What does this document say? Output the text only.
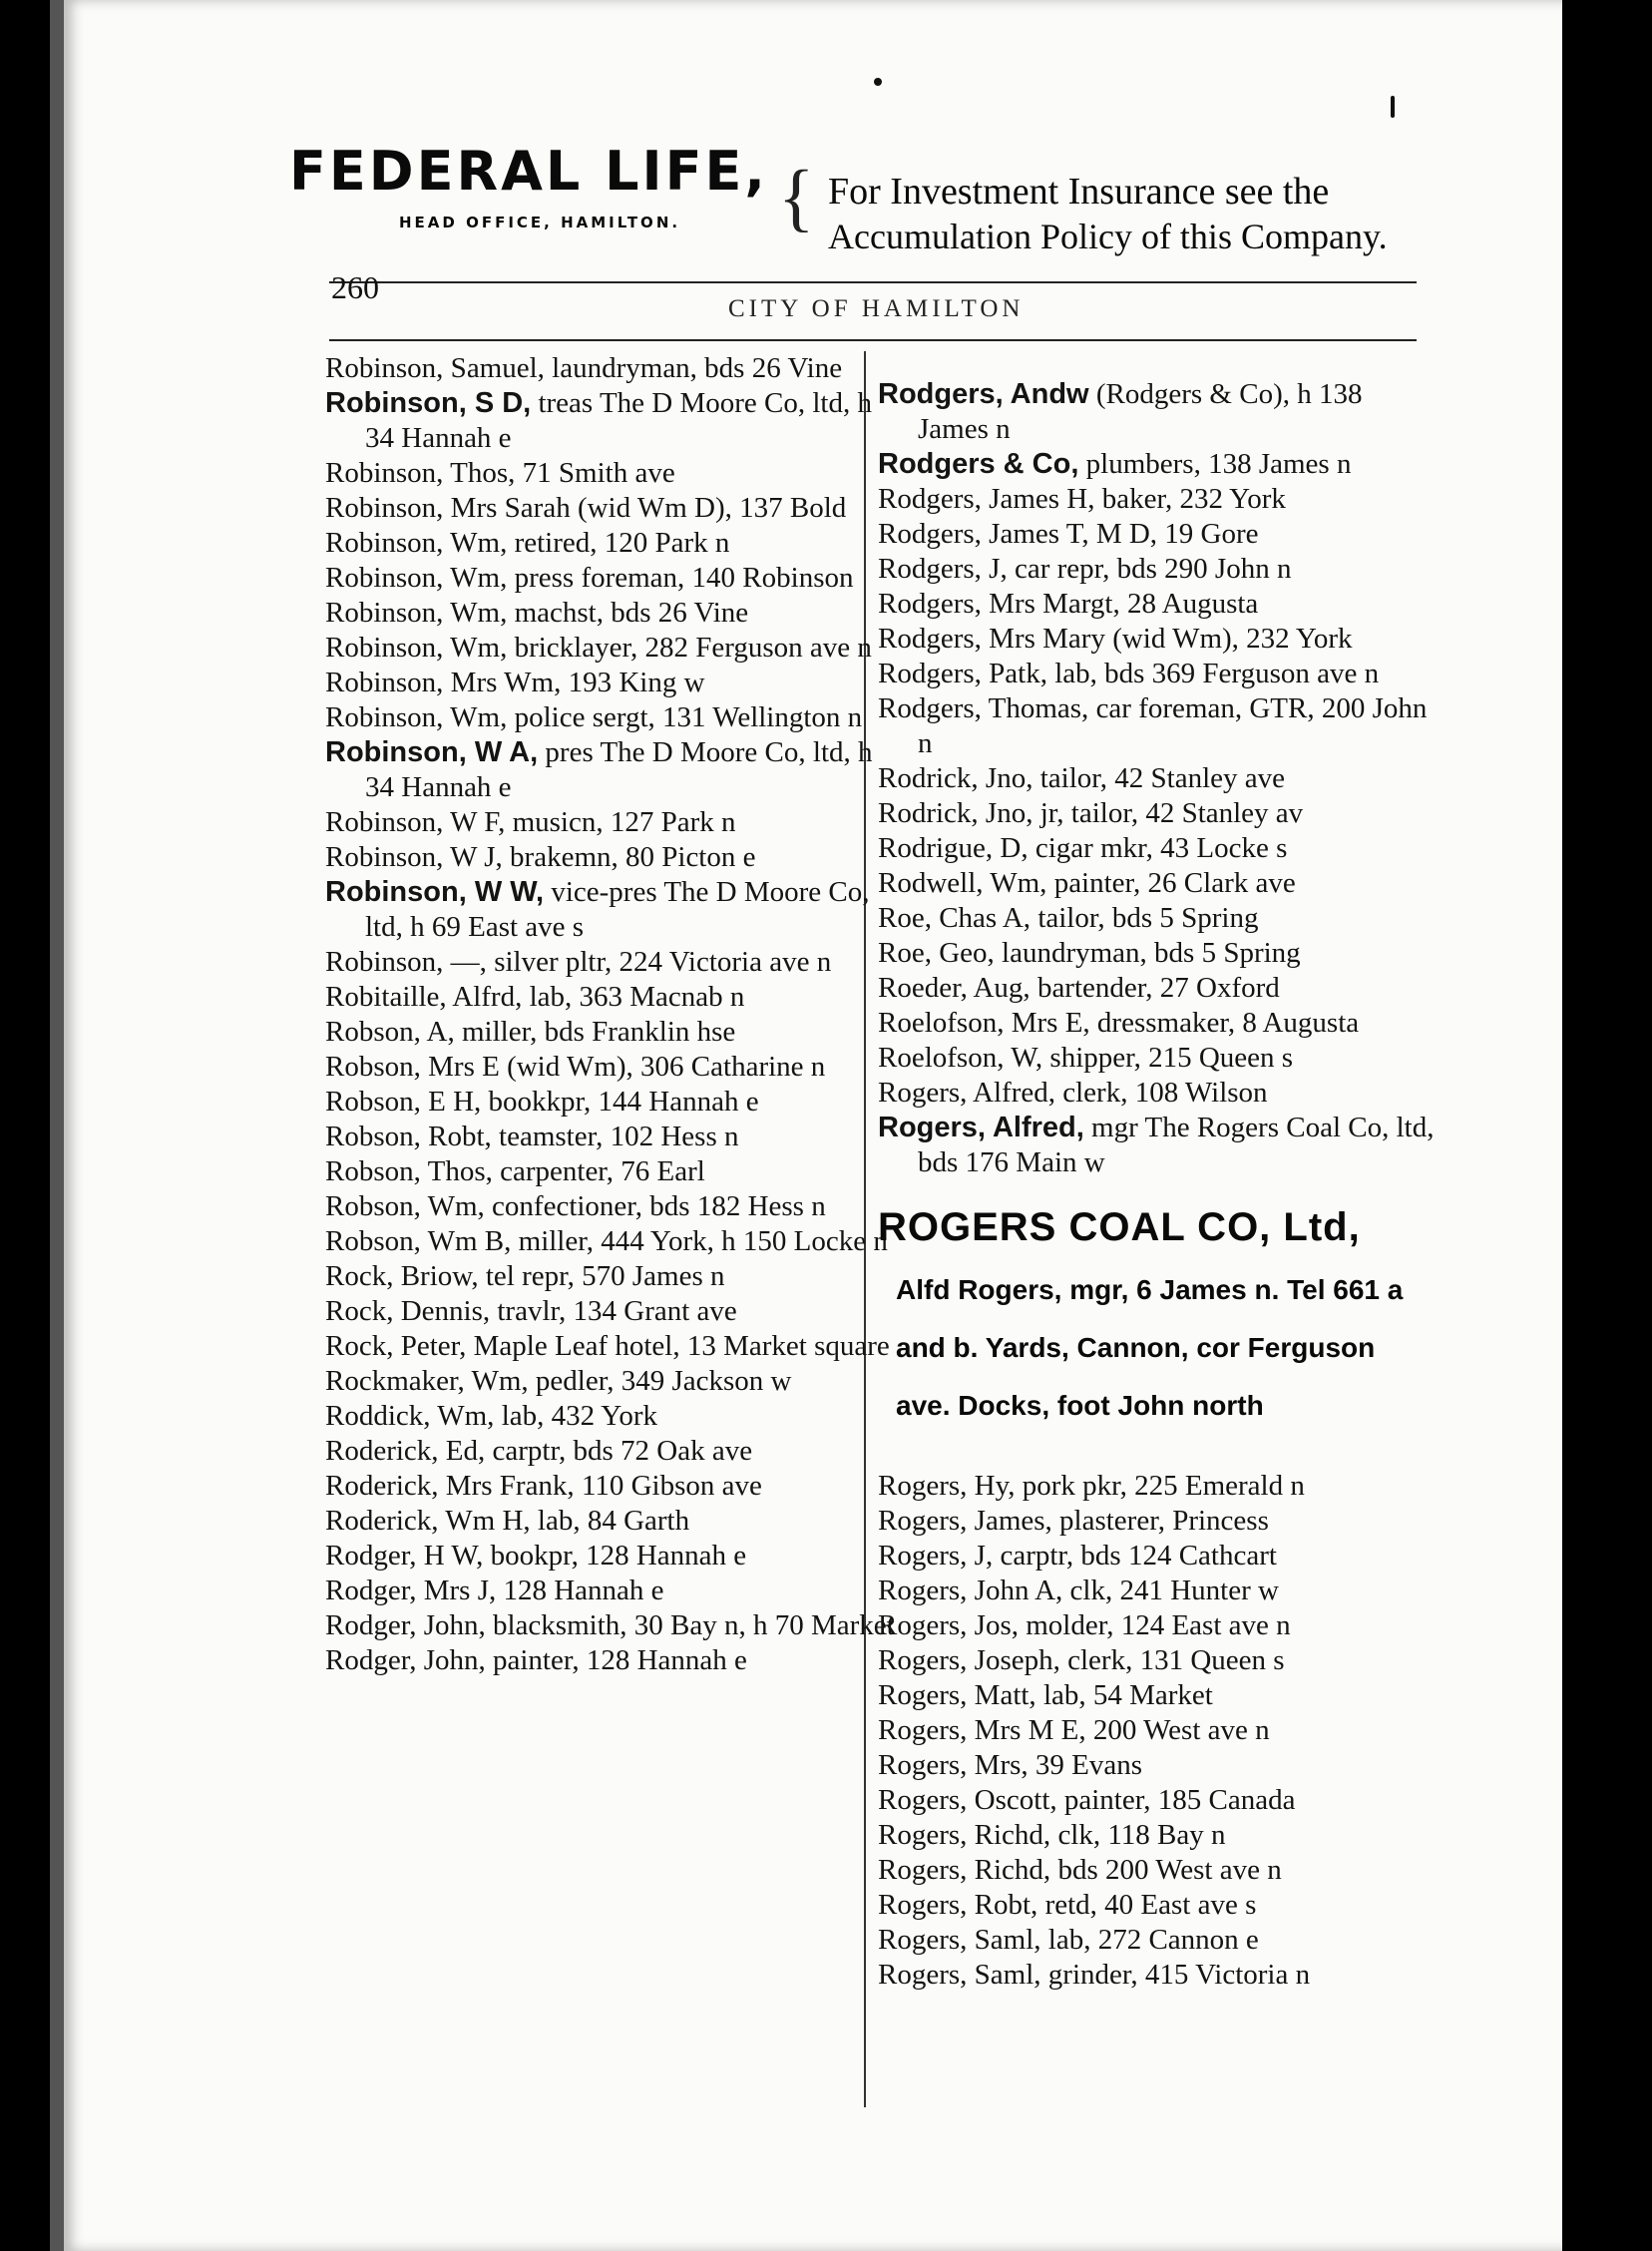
FEDERAL LIFE,
HEAD OFFICE, HAMILTON. { For Investment Insurance see the
Accumulation Policy of this Company.
260
CITY OF HAMILTON

Robinson, Samuel, laundryman, bds 26 Vine

Robinson, S D, treas The D Moore Co, ltd, h 34 Hannah e

Robinson, Thos, 71 Smith ave

Robinson, Mrs Sarah (wid Wm D), 137 Bold

Robinson, Wm, retired, 120 Park n

Robinson, Wm, press foreman, 140 Robinson

Robinson, Wm, machst, bds 26 Vine

Robinson, Wm, bricklayer, 282 Ferguson ave n

Robinson, Mrs Wm, 193 King w

Robinson, Wm, police sergt, 131 Wellington n

Robinson, W A, pres The D Moore Co, ltd, h 34 Hannah e

Robinson, W F, musicn, 127 Park n

Robinson, W J, brakemn, 80 Picton e

Robinson, W W, vice-pres The D Moore Co, ltd, h 69 East ave s

Robinson, —, silver pltr, 224 Victoria ave n

Robitaille, Alfrd, lab, 363 Macnab n

Robson, A, miller, bds Franklin hse

Robson, Mrs E (wid Wm), 306 Catharine n

Robson, E H, bookkpr, 144 Hannah e

Robson, Robt, teamster, 102 Hess n

Robson, Thos, carpenter, 76 Earl

Robson, Wm, confectioner, bds 182 Hess n

Robson, Wm B, miller, 444 York, h 150 Locke n

Rock, Briow, tel repr, 570 James n

Rock, Dennis, travlr, 134 Grant ave

Rock, Peter, Maple Leaf hotel, 13 Market square

Rockmaker, Wm, pedler, 349 Jackson w

Roddick, Wm, lab, 432 York

Roderick, Ed, carptr, bds 72 Oak ave

Roderick, Mrs Frank, 110 Gibson ave

Roderick, Wm H, lab, 84 Garth

Rodger, H W, bookpr, 128 Hannah e

Rodger, Mrs J, 128 Hannah e

Rodger, John, blacksmith, 30 Bay n, h 70 Market

Rodger, John, painter, 128 Hannah e

Rodgers, Andw (Rodgers & Co), h 138 James n

Rodgers & Co, plumbers, 138 James n

Rodgers, James H, baker, 232 York

Rodgers, James T, M D, 19 Gore

Rodgers, J, car repr, bds 290 John n

Rodgers, Mrs Margt, 28 Augusta

Rodgers, Mrs Mary (wid Wm), 232 York

Rodgers, Patk, lab, bds 369 Ferguson ave n

Rodgers, Thomas, car foreman, GTR, 200 John n

Rodrick, Jno, tailor, 42 Stanley ave

Rodrick, Jno, jr, tailor, 42 Stanley av

Rodrigue, D, cigar mkr, 43 Locke s

Rodwell, Wm, painter, 26 Clark ave

Roe, Chas A, tailor, bds 5 Spring

Roe, Geo, laundryman, bds 5 Spring

Roeder, Aug, bartender, 27 Oxford

Roelofson, Mrs E, dressmaker, 8 Augusta

Roelofson, W, shipper, 215 Queen s

Rogers, Alfred, clerk, 108 Wilson

Rogers, Alfred, mgr The Rogers Coal Co, ltd, bds 176 Main w

ROGERS COAL CO, Ltd,
Alfd Rogers, mgr, 6 James n. Tel 661 a and b. Yards, Cannon, cor Ferguson ave. Docks, foot John north

Rogers, Hy, pork pkr, 225 Emerald n

Rogers, James, plasterer, Princess

Rogers, J, carptr, bds 124 Cathcart

Rogers, John A, clk, 241 Hunter w

Rogers, Jos, molder, 124 East ave n

Rogers, Joseph, clerk, 131 Queen s

Rogers, Matt, lab, 54 Market

Rogers, Mrs M E, 200 West ave n

Rogers, Mrs, 39 Evans

Rogers, Oscott, painter, 185 Canada

Rogers, Richd, clk, 118 Bay n

Rogers, Richd, bds 200 West ave n

Rogers, Robt, retd, 40 East ave s

Rogers, Saml, lab, 272 Cannon e

Rogers, Saml, grinder, 415 Victoria n
